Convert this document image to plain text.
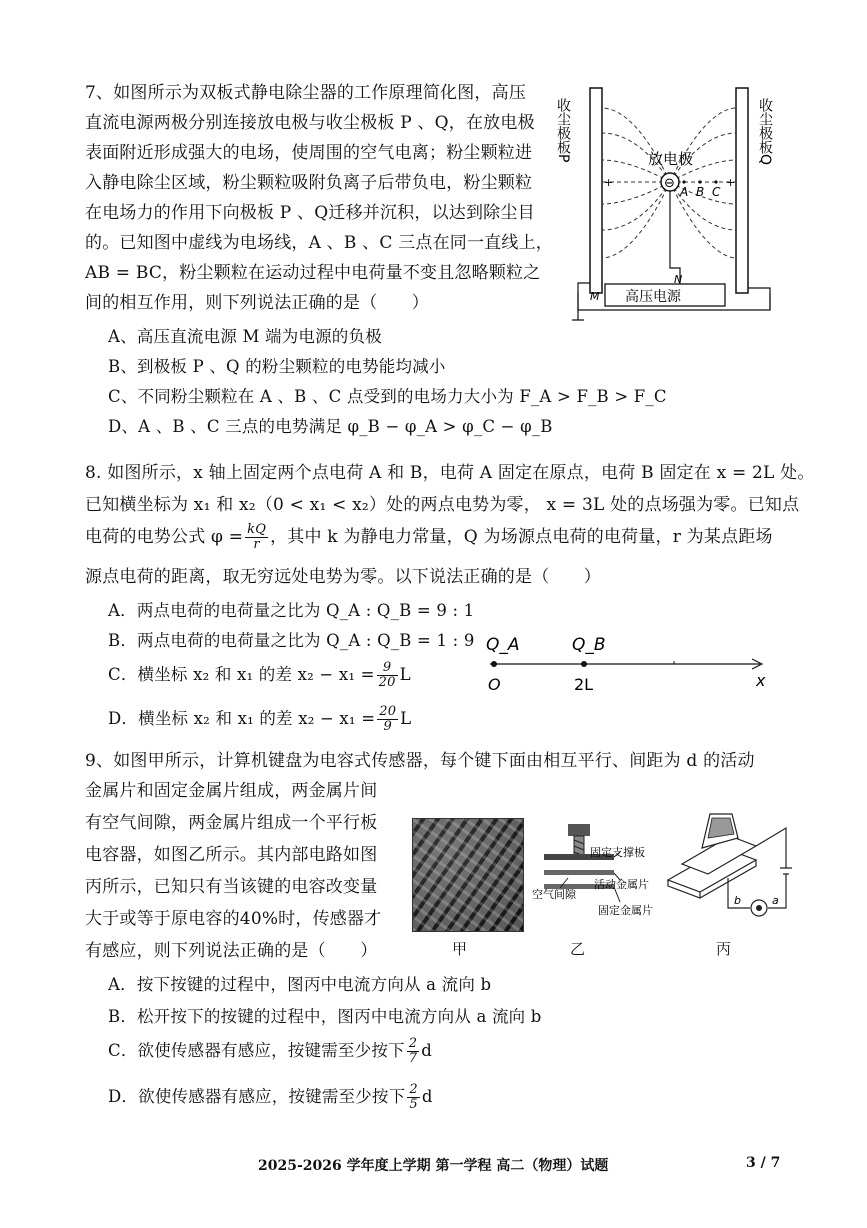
7、如图所示为双板式静电除尘器的工作原理简化图，高压
直流电源两极分别连接放电极与收尘极板 P 、Q，在放电极
表面附近形成强大的电场，使周围的空气电离；粉尘颗粒进
入静电除尘区域，粉尘颗粒吸附负离子后带负电，粉尘颗粒
在电场力的作用下向极板 P 、Q迁移并沉积，以达到除尘目
的。已知图中虚线为电场线，A 、B 、C 三点在同一直线上，
AB = BC，粉尘颗粒在运动过程中电荷量不变且忽略颗粒之
间的相互作用，则下列说法正确的是（　　）
A、高压直流电源 M 端为电源的负极
B、到极板 P 、Q 的粉尘颗粒的电势能均减小
C、不同粉尘颗粒在 A 、B 、C 点受到的电场力大小为 F_A > F_B > F_C
D、A 、B 、C 三点的电势满足 φ_B − φ_A > φ_C − φ_B
+	+
⊖
放电极
A B C
收尘极板P	收尘极板Q
高压电源
M
N
8. 如图所示，x 轴上固定两个点电荷 A 和 B，电荷 A 固定在原点，电荷 B 固定在 x = 2L 处。
已知横坐标为 x₁ 和 x₂（0 < x₁ < x₂）处的两点电势为零， x = 3L 处的点场强为零。已知点
电荷的电势公式 $\varphi = \frac{kQ}{r}$ ，其中 k 为静电力常量，Q 为场源点电荷的电荷量，r 为某点距场
源点电荷的距离，取无穷远处电势为零。以下说法正确的是（　　）
A．两点电荷的电荷量之比为 Q_A : Q_B = 9 : 1
B．两点电荷的电荷量之比为 Q_A : Q_B = 1 : 9
C．横坐标 x₂ 和 x₁ 的差 $x_2 - x_1 = \frac{9}{20}$ L
D．横坐标 x₂ 和 x₁ 的差 $x_2 - x_1 = \frac{20}{9}$ L
Q_A	Q_B
O	2L	x
9、如图甲所示，计算机键盘为电容式传感器，每个键下面由相互平行、间距为 d 的活动
金属片和固定金属片组成，两金属片间
有空气间隙，两金属片组成一个平行板
电容器，如图乙所示。其内部电路如图
丙所示，已知只有当该键的电容改变量
大于或等于原电容的40%时，传感器才
有感应，则下列说法正确的是（　　）
A．按下按键的过程中，图丙中电流方向从 a 流向 b
B．松开按下的按键的过程中，图丙中电流方向从 a 流向 b
C．欲使传感器有感应，按键需至少按下 $\frac{2}{7}$ d
D．欲使传感器有感应，按键需至少按下 $\frac{2}{5}$ d
甲
固定支撑板
空气间隙
活动金属片
固定金属片
乙
b	a
丙
2025-2026 学年度上学期 第一学程 高二（物理）试题	3 / 7
